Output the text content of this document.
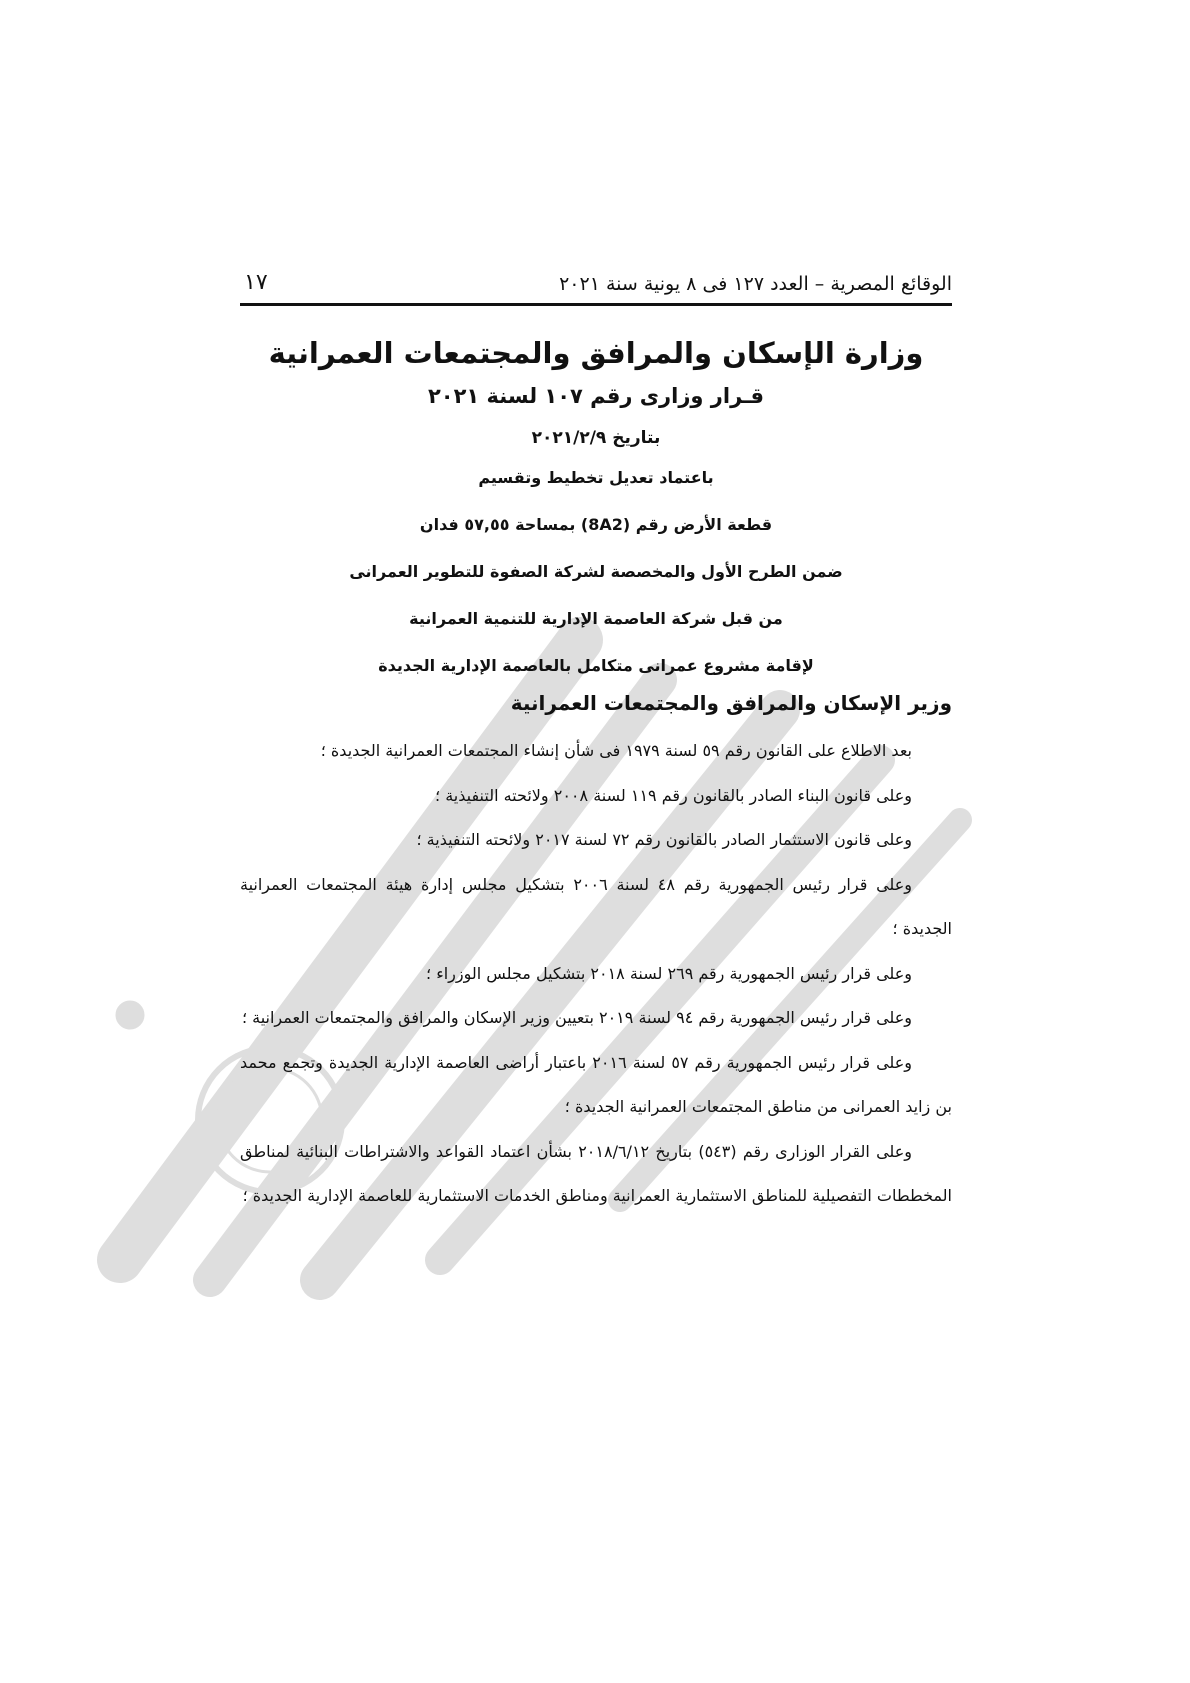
الوقائع المصرية – العدد ١٢٧ فى ٨ يونية سنة ٢٠٢١
١٧
وزارة الإسكان والمرافق والمجتمعات العمرانية
قـرار وزارى رقم ١٠٧ لسنة ٢٠٢١
بتاريخ ٢٠٢١/٢/٩
باعتماد تعديل تخطيط وتقسيم
قطعة الأرض رقم (8A2) بمساحة ٥٧,٥٥ فدان
ضمن الطرح الأول والمخصصة لشركة الصفوة للتطوير العمرانى
من قبل شركة العاصمة الإدارية للتنمية العمرانية
لإقامة مشروع عمرانى متكامل بالعاصمة الإدارية الجديدة
وزير الإسكان والمرافق والمجتمعات العمرانية

بعد الاطلاع على القانون رقم ٥٩ لسنة ١٩٧٩ فى شأن إنشاء المجتمعات العمرانية الجديدة ؛

وعلى قانون البناء الصادر بالقانون رقم ١١٩ لسنة ٢٠٠٨ ولائحته التنفيذية ؛

وعلى قانون الاستثمار الصادر بالقانون رقم ٧٢ لسنة ٢٠١٧ ولائحته التنفيذية ؛

وعلى قرار رئيس الجمهورية رقم ٤٨ لسنة ٢٠٠٦ بتشكيل مجلس إدارة هيئة المجتمعات العمرانية الجديدة ؛

وعلى قرار رئيس الجمهورية رقم ٢٦٩ لسنة ٢٠١٨ بتشكيل مجلس الوزراء ؛

وعلى قرار رئيس الجمهورية رقم ٩٤ لسنة ٢٠١٩ بتعيين وزير الإسكان والمرافق والمجتمعات العمرانية ؛

وعلى قرار رئيس الجمهورية رقم ٥٧ لسنة ٢٠١٦ باعتبار أراضى العاصمة الإدارية الجديدة وتجمع محمد بن زايد العمرانى من مناطق المجتمعات العمرانية الجديدة ؛

وعلى القرار الوزارى رقم (٥٤٣) بتاريخ ٢٠١٨/٦/١٢ بشأن اعتماد القواعد والاشتراطات البنائية لمناطق المخططات التفصيلية للمناطق الاستثمارية العمرانية ومناطق الخدمات الاستثمارية للعاصمة الإدارية الجديدة ؛
